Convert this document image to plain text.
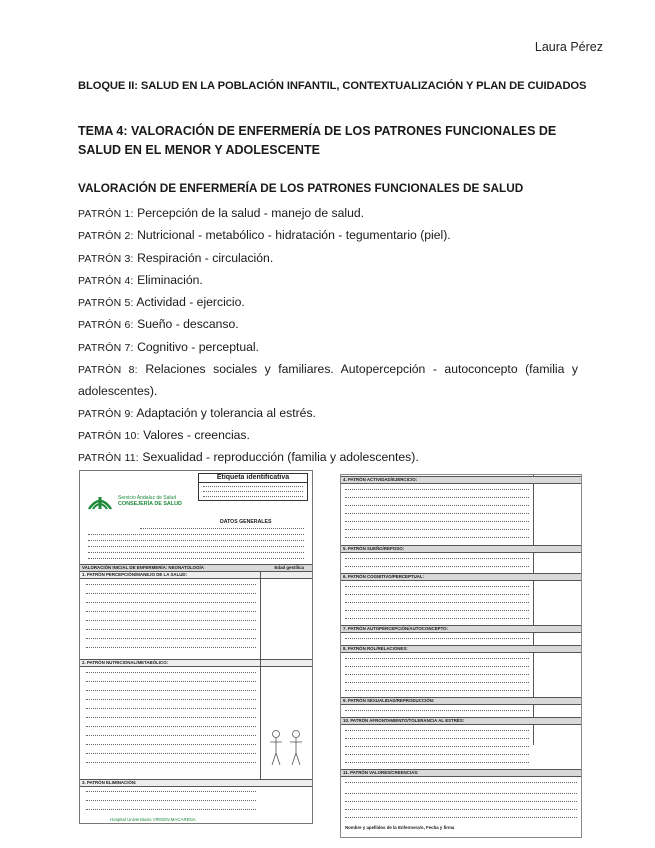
Laura Pérez
BLOQUE II: SALUD EN LA POBLACIÓN INFANTIL, CONTEXTUALIZACIÓN Y PLAN DE CUIDADOS
TEMA 4: VALORACIÓN DE ENFERMERÍA DE LOS PATRONES FUNCIONALES DE SALUD EN EL MENOR Y ADOLESCENTE
VALORACIÓN DE ENFERMERÍA DE LOS PATRONES FUNCIONALES DE SALUD
PATRÓN 1: Percepción de la salud - manejo de salud.
PATRÓN 2: Nutricional - metabólico - hidratación - tegumentario (piel).
PATRÓN 3: Respiración - circulación.
PATRÓN 4: Eliminación.
PATRÓN 5: Actividad - ejercicio.
PATRÓN 6: Sueño - descanso.
PATRÓN 7: Cognitivo - perceptual.
PATRÓN 8: Relaciones sociales y familiares. Autopercepción - autoconcepto (familia y adolescentes).
PATRÓN 9: Adaptación y tolerancia al estrés.
PATRÓN 10: Valores - creencias.
PATRÓN 11: Sexualidad - reproducción (familia y adolescentes).
Etiqueta identificativa
Servicio Andaluz de Salud
CONSEJERÍA DE SALUD
DATOS GENERALES
VALORACIÓN INICIAL DE ENFERMERÍA: NEONATOLOGÍA	Edad gestílica
1. PATRÓN PERCEPCIÓN/MANEJO DE LA SALUD:
2. PATRÓN NUTRICIONAL/METABÓLICO:
3. PATRÓN ELIMINACIÓN:
Hospital Universitario VIRGEN MACARENA
4. PATRÓN ACTIVIDAD/EJERCICIO:
5. PATRÓN SUEÑO/REPOSO:
6. PATRÓN COGNITIVO/PERCEPTUAL:
7. PATRÓN AUTOPERCEPCIÓN/AUTOCONCEPTO:
8. PATRÓN ROL/RELACIONES:
9. PATRÓN SEXUALIDAD/REPRODUCCIÓN:
10. PATRÓN AFRONTAMIENTO/TOLERANCIA AL ESTRÉS:
11. PATRÓN VALORES/CREENCIAS:
Nombre y apellidos de la Enfermera/o, Fecha y firma
